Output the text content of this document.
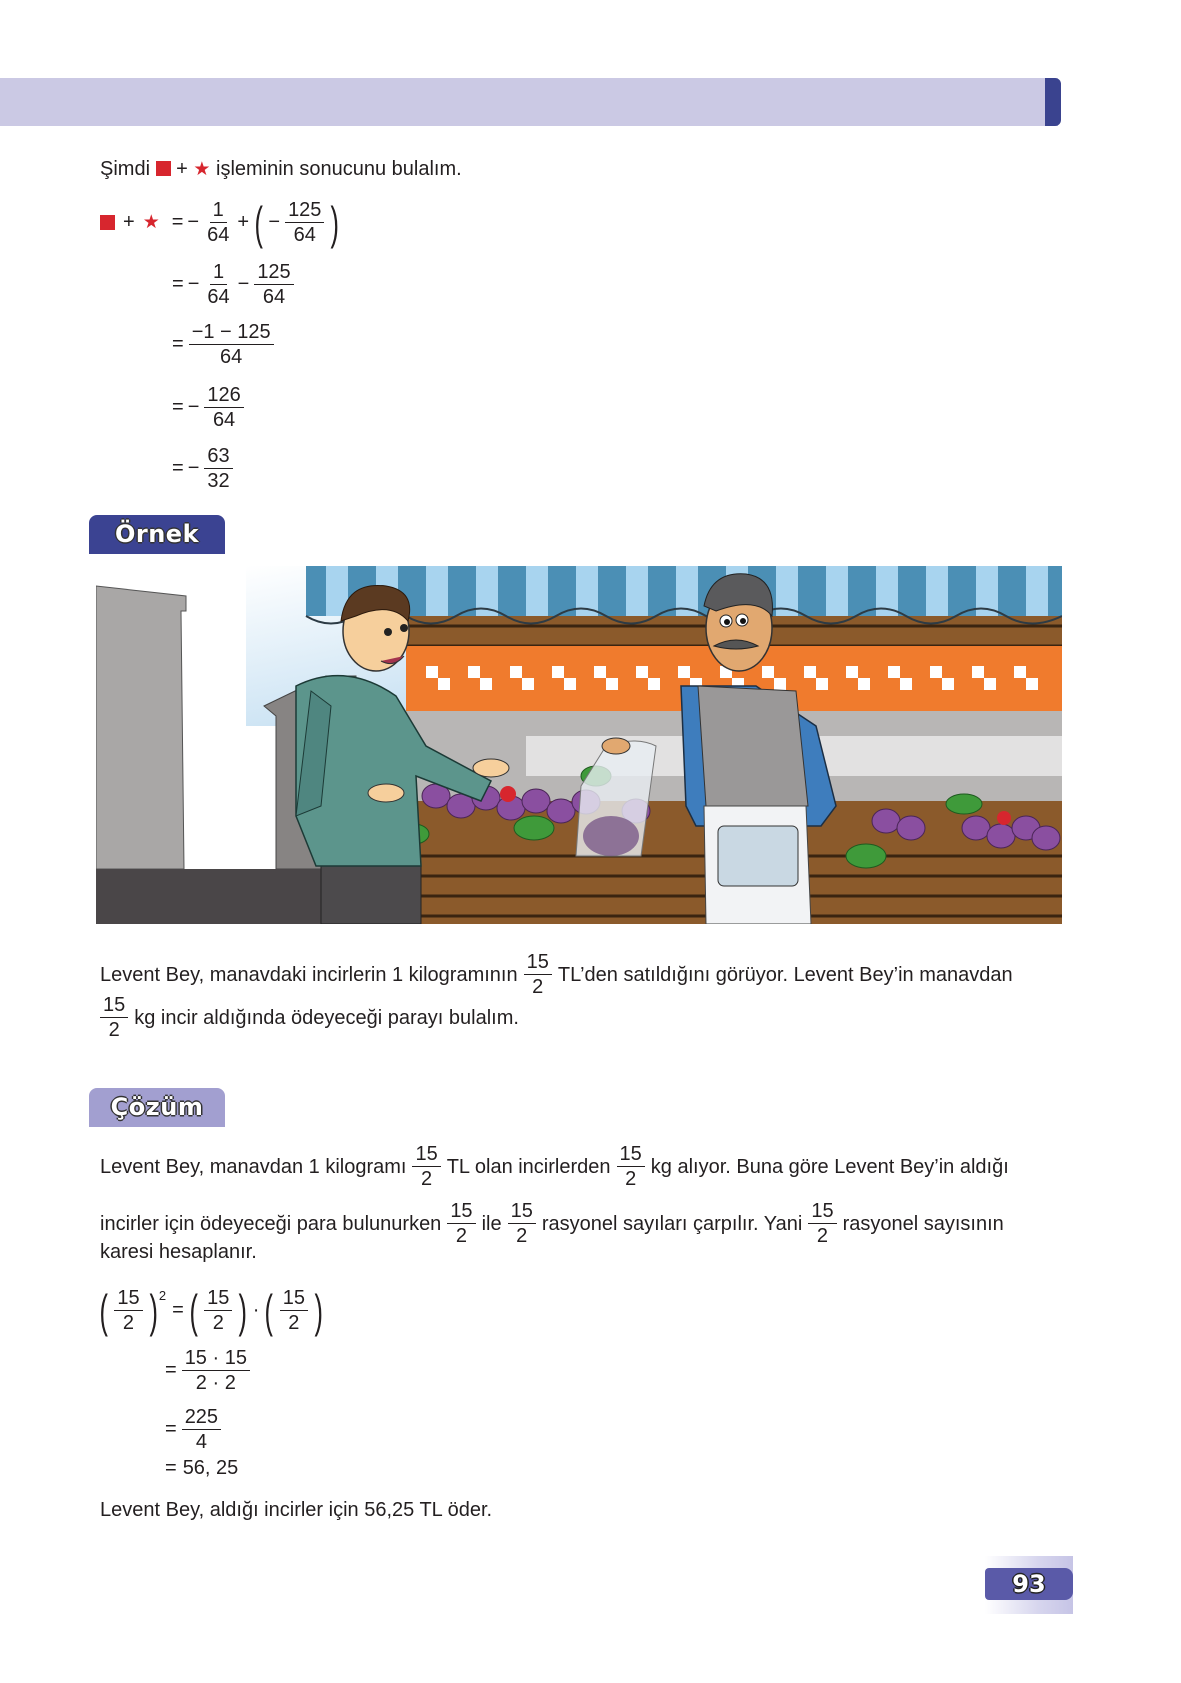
Şimdi + ★ işleminin sonucunu bulalım.
+ ★ = − $\frac{1}{64}$ + ( − $\frac{125}{64}$ )
= − $\frac{1}{64} - \frac{125}{64}$
= $\frac{-1 - 125}{64}$
= − $\frac{126}{64}$
= − $\frac{63}{32}$
Örnek
Levent Bey, manavdaki incirlerin 1 kilogramının $\frac{15}{2}$ TL’den satıldığını görüyor. Levent Bey’in manavdan
$\frac{15}{2}$ kg incir aldığında ödeyeceği parayı bulalım.
Çözüm
Levent Bey, manavdan 1 kilogramı $\frac{15}{2}$ TL olan incirlerden $\frac{15}{2}$ kg alıyor. Buna göre Levent Bey’in aldığı
incirler için ödeyeceği para bulunurken $\frac{15}{2}$ ile $\frac{15}{2}$ rasyonel sayıları çarpılır. Yani $\frac{15}{2}$ rasyonel sayısının
karesi hesaplanır.
( $\frac{15}{2} )^2$
= ( $\frac{15}{2}$ ) · ( $\frac{15}{2}$ )
= $\frac{15 \cdot 15}{2 \cdot 2}$
= $\frac{225}{4}$
= 56, 25
Levent Bey, aldığı incirler için 56,25 TL öder.
93
